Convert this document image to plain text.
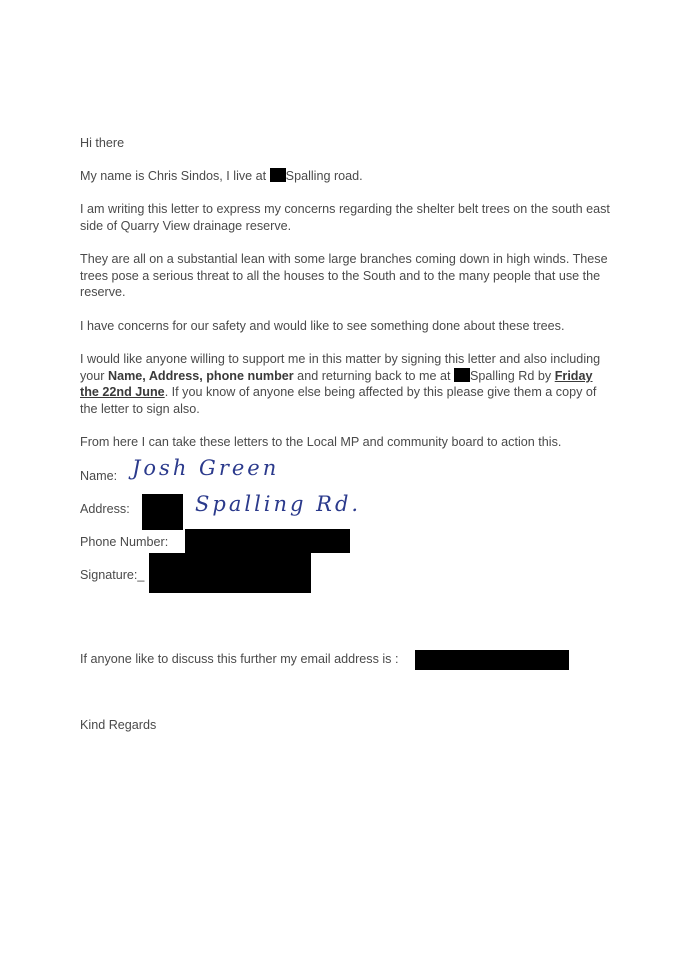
Hi there

My name is Chris Sindos, I live at Spalling road.

I am writing this letter to express my concerns regarding the shelter belt trees on the south east side of Quarry View drainage reserve.

They are all on a substantial lean with some large branches coming down in high winds. These trees pose a serious threat to all the houses to the South and to the many people that use the reserve.

I have concerns for our safety and would like to see something done about these trees.

I would like anyone willing to support me in this matter by signing this letter and also including your Name, Address, phone number and returning back to me at Spalling Rd by Friday the 22nd June. If you know of anyone else being affected by this please give them a copy of the letter to sign also.

From here I can take these letters to the Local MP and community board to action this.

Name: Josh Green
Address:	Spalling Rd.
Phone Number:
Signature:_
If anyone like to discuss this further my email address is :
Kind Regards
